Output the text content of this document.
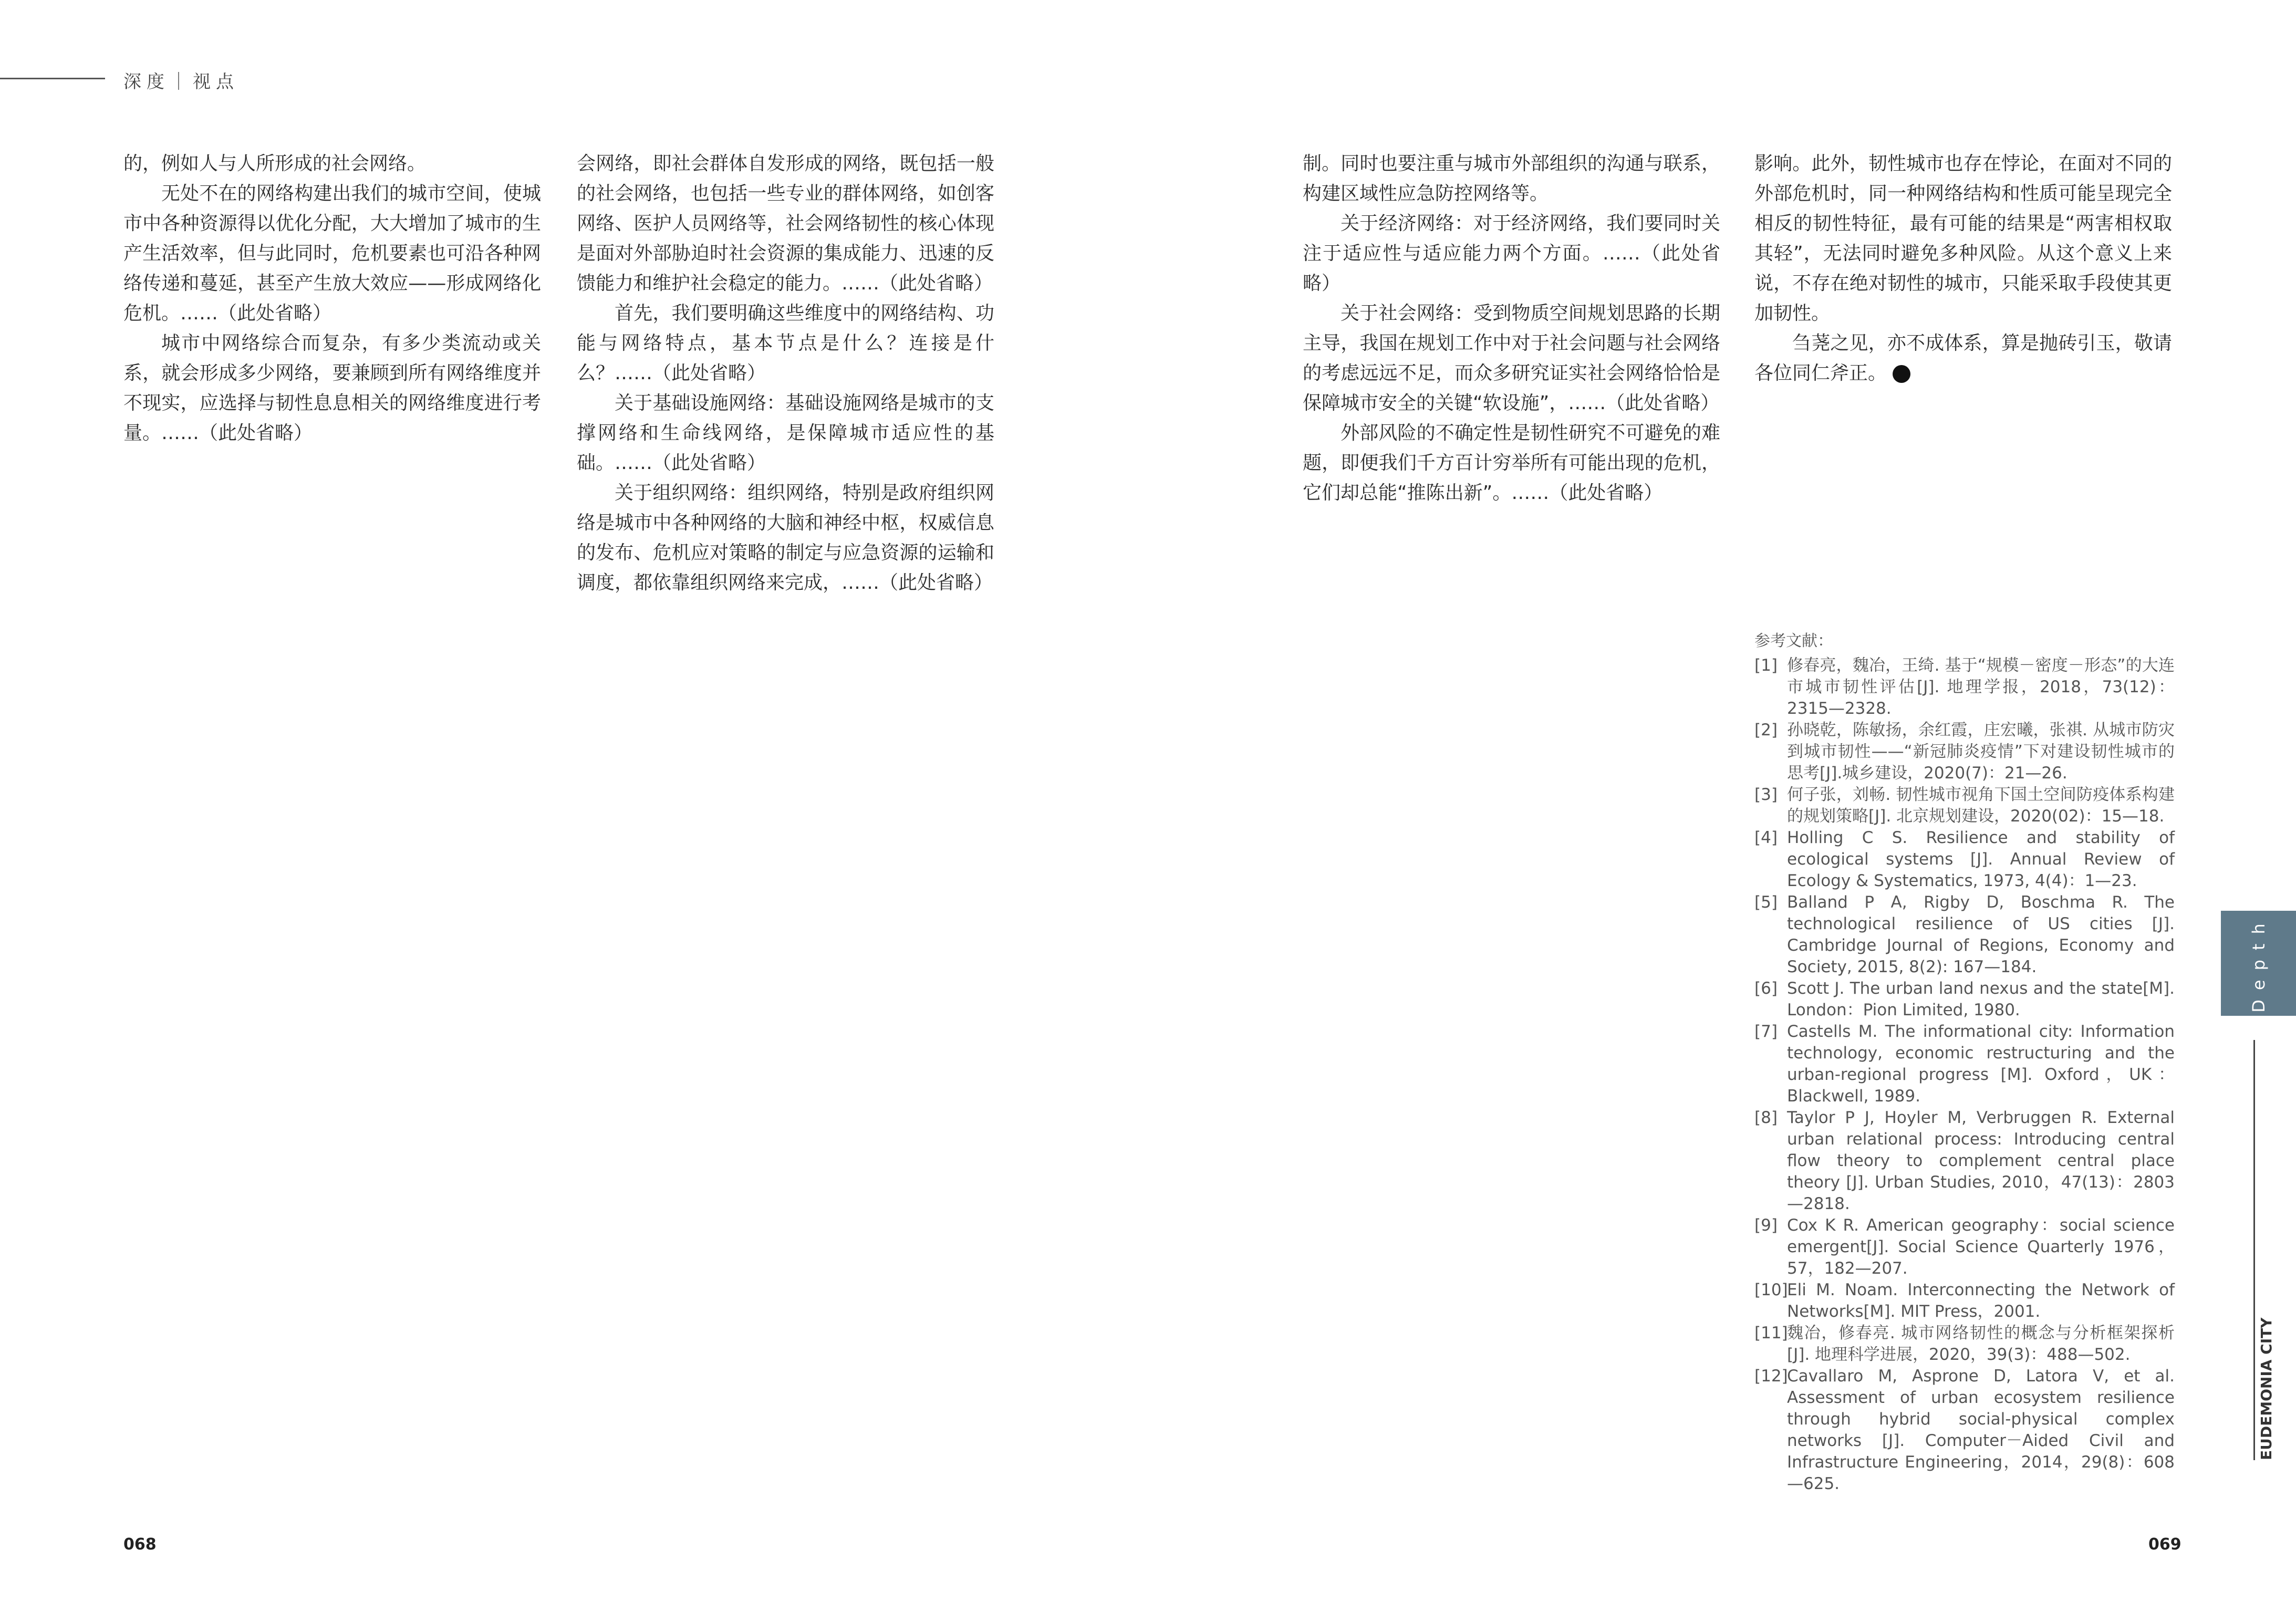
深度｜视点

的，例如人与人所形成的社会网络。

无处不在的网络构建出我们的城市空间，使城市中各种资源得以优化分配，大大增加了城市的生产生活效率，但与此同时，危机要素也可沿各种网络传递和蔓延，甚至产生放大效应——形成网络化危机。……（此处省略）

城市中网络综合而复杂，有多少类流动或关系，就会形成多少网络，要兼顾到所有网络维度并不现实，应选择与韧性息息相关的网络维度进行考量。……（此处省略）

会网络，即社会群体自发形成的网络，既包括一般的社会网络，也包括一些专业的群体网络，如创客网络、医护人员网络等，社会网络韧性的核心体现是面对外部胁迫时社会资源的集成能力、迅速的反馈能力和维护社会稳定的能力。……（此处省略）

首先，我们要明确这些维度中的网络结构、功能与网络特点，基本节点是什么？连接是什么？……（此处省略）

关于基础设施网络：基础设施网络是城市的支撑网络和生命线网络，是保障城市适应性的基础。……（此处省略）

关于组织网络：组织网络，特别是政府组织网络是城市中各种网络的大脑和神经中枢，权威信息的发布、危机应对策略的制定与应急资源的运输和调度，都依靠组织网络来完成，……（此处省略）

制。同时也要注重与城市外部组织的沟通与联系，构建区域性应急防控网络等。

关于经济网络：对于经济网络，我们要同时关注于适应性与适应能力两个方面。……（此处省略）

关于社会网络：受到物质空间规划思路的长期主导，我国在规划工作中对于社会问题与社会网络的考虑远远不足，而众多研究证实社会网络恰恰是保障城市安全的关键“软设施”，……（此处省略）

外部风险的不确定性是韧性研究不可避免的难题，即便我们千方百计穷举所有可能出现的危机，它们却总能“推陈出新”。……（此处省略）

影响。此外，韧性城市也存在悖论，在面对不同的外部危机时，同一种网络结构和性质可能呈现完全相反的韧性特征，最有可能的结果是“两害相权取其轻”，无法同时避免多种风险。从这个意义上来说，不存在绝对韧性的城市，只能采取手段使其更加韧性。

刍荛之见，亦不成体系，算是抛砖引玉，敬请各位同仁斧正。	E

参考文献：
[1] 修春亮，魏冶，王绮. 基于“规模－密度－形态”的大连市城市韧性评估[J]. 地理学报，2018，73(12)：2315—2328.
[2] 孙晓乾，陈敏扬，余红霞，庄宏曦，张祺. 从城市防灾到城市韧性——“新冠肺炎疫情”下对建设韧性城市的思考[J].城乡建设，2020(7)：21—26.
[3] 何子张，刘畅. 韧性城市视角下国土空间防疫体系构建的规划策略[J]. 北京规划建设，2020(02)：15—18.
[4] Holling C S. Resilience and stability of ecological systems [J]. Annual Review of Ecology & Systematics, 1973, 4(4)：1—23.
[5] Balland P A, Rigby D, Boschma R. The technological resilience of US cities [J]. Cambridge Journal of Regions, Economy and Society, 2015, 8(2): 167—184.
[6] Scott J. The urban land nexus and the state[M]. London：Pion Limited, 1980.
[7] Castells M. The informational city: Information technology, economic restructuring and the urban-regional progress [M]. Oxford，UK：Blackwell, 1989.
[8] Taylor P J, Hoyler M, Verbruggen R. External urban relational process: Introducing central flow theory to complement central place theory [J]. Urban Studies, 2010，47(13)：2803—2818.
[9] Cox K R. American geography：social science emergent[J]. Social Science Quarterly 1976，57，182—207.
[10]
Eli M. Noam. Interconnecting the Network of Networks[M]. MIT Press，2001.
[11]
魏冶，修春亮. 城市网络韧性的概念与分析框架探析[J]. 地理科学进展，2020，39(3)：488—502.
[12]
Cavallaro M, Asprone D, Latora V, et al. Assessment of urban ecosystem resilience through hybrid social-physical complex networks [J]. Computer－Aided Civil and Infrastructure Engineering，2014，29(8)：608—625.
Depth
EUDEMONIA CITY
068	069
